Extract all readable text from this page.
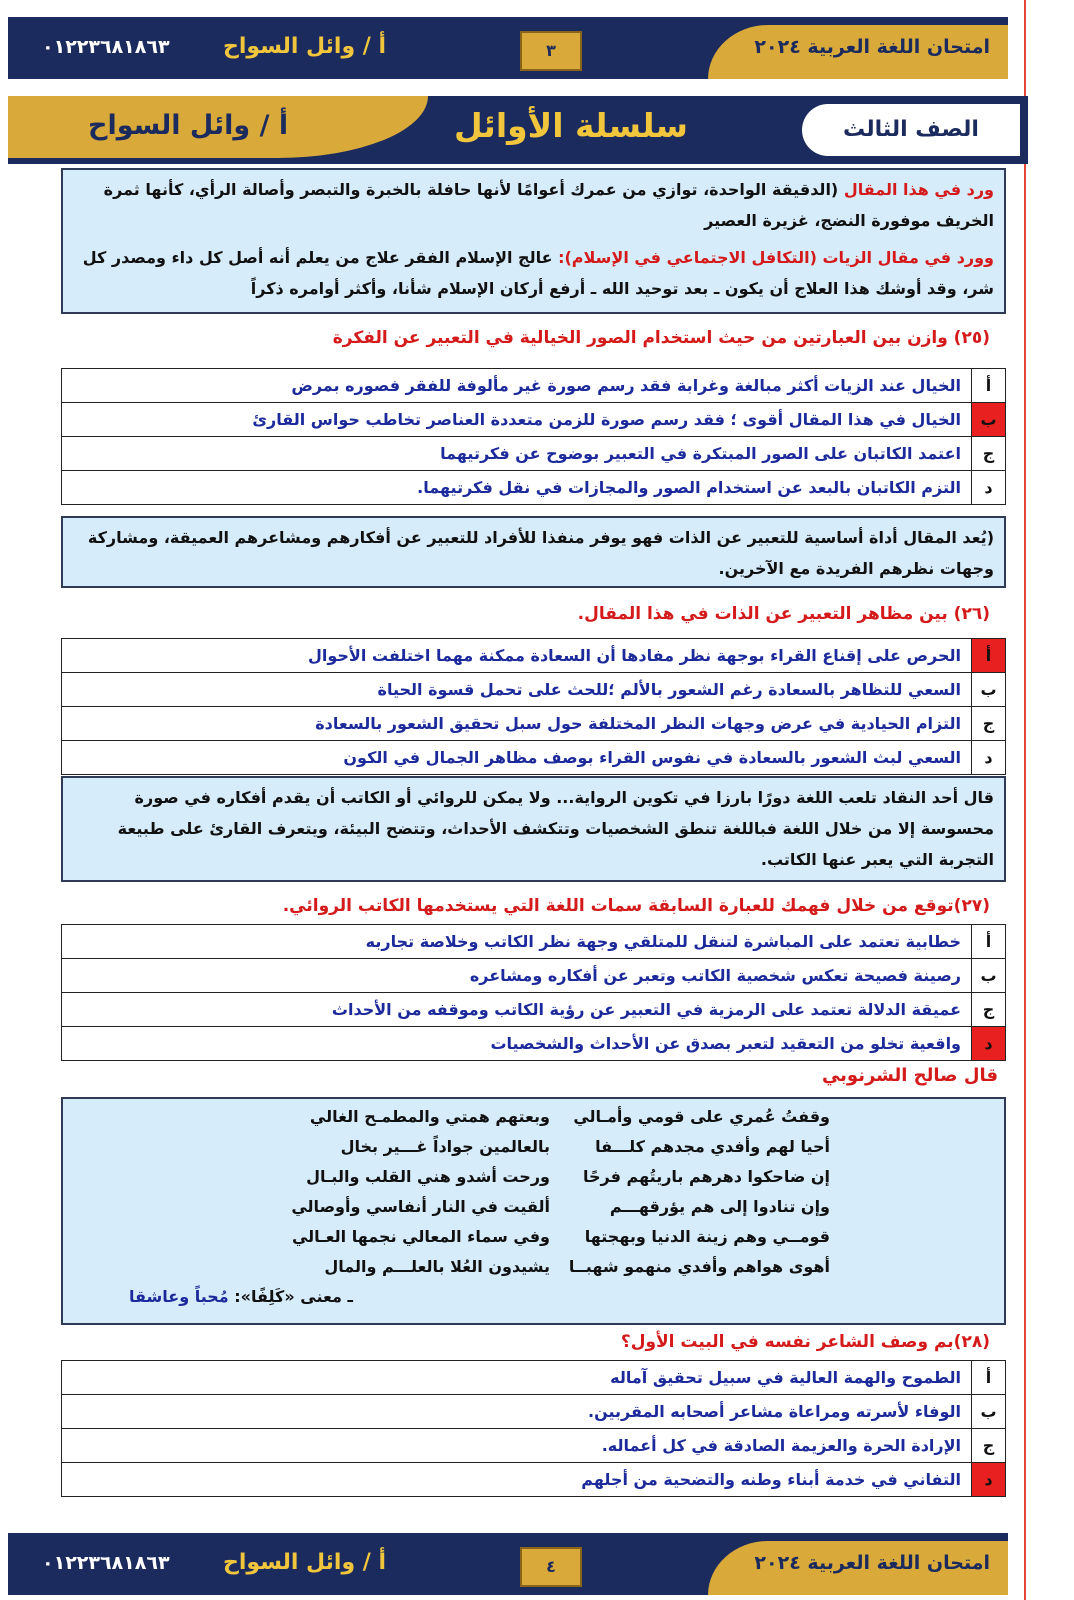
امتحان اللغة العربية ٢٠٢٤
٣
أ / وائل السواح
٠١٢٢٣٦٨١٨٦٣
الصف الثالث
سلسلة الأوائل
أ / وائل السواح

ورد في هذا المقال (الدقيقة الواحدة، توازي من عمرك أعوامًا لأنها حافلة بالخبرة والتبصر وأصالة الرأي، كأنها ثمرة الخريف موفورة النضج، غزيرة العصير

وورد في مقال الزيات (التكافل الاجتماعي في الإسلام): عالج الإسلام الفقر علاج من يعلم أنه أصل كل داء ومصدر كل شر، وقد أوشك هذا العلاج أن يكون ـ بعد توحيد الله ـ أرفع أركان الإسلام شأنا، وأكثر أوامره ذكراً

(٢٥) وازن بين العبارتين من حيث استخدام الصور الخيالية في التعبير عن الفكرة
أ	الخيال عند الزيات أكثر مبالغة وغرابة فقد رسم صورة غير مألوفة للفقر فصوره بمرض
ب	الخيال في هذا المقال أقوى ؛ فقد رسم صورة للزمن متعددة العناصر تخاطب حواس القارئ
ج	اعتمد الكاتبان على الصور المبتكرة في التعبير بوضوح عن فكرتيهما
د	التزم الكاتبان بالبعد عن استخدام الصور والمجازات في نقل فكرتيهما.

(يُعد المقال أداة أساسية للتعبير عن الذات فهو يوفر منفذا للأفراد للتعبير عن أفكارهم ومشاعرهم العميقة، ومشاركة وجهات نظرهم الفريدة مع الآخرين.

(٢٦) بين مظاهر التعبير عن الذات في هذا المقال.
أ	الحرص على إقناع القراء بوجهة نظر مفادها أن السعادة ممكنة مهما اختلفت الأحوال
ب	السعي للتظاهر بالسعادة رغم الشعور بالألم ؛للحث على تحمل قسوة الحياة
ج	التزام الحيادية في عرض وجهات النظر المختلفة حول سبل تحقيق الشعور بالسعادة
د	السعي لبث الشعور بالسعادة في نفوس القراء بوصف مظاهر الجمال في الكون

قال أحد النقاد تلعب اللغة دورًا بارزا في تكوين الرواية... ولا يمكن للروائي أو الكاتب أن يقدم أفكاره في صورة محسوسة إلا من خلال اللغة فباللغة تنطق الشخصيات وتتكشف الأحداث، وتتضح البيئة، ويتعرف القارئ على طبيعة التجربة التي يعبر عنها الكاتب.

(٢٧)توقع من خلال فهمك للعبارة السابقة سمات اللغة التي يستخدمها الكاتب الروائي.
أ	خطابية تعتمد على المباشرة لتنقل للمتلقي وجهة نظر الكاتب وخلاصة تجاربه
ب	رصينة فصيحة تعكس شخصية الكاتب وتعبر عن أفكاره ومشاعره
ج	عميقة الدلالة تعتمد على الرمزية في التعبير عن رؤية الكاتب وموقفه من الأحداث
د	واقعية تخلو من التعقيد لتعبر بصدق عن الأحداث والشخصيات
قال صالح الشرنوبي
وقفتُ عُمري على قومي وأمـالي
وبعتهم همتي والمطمـح الغالي
أحيا لهم وأفدي مجدهم كلـــفا
بالعالمين جواداً غـــير بخال
إن ضاحكوا دهرهم باريتُهم فرحًا
ورحت أشدو هني القلب والبـال
وإن تنادوا إلى هم يؤرقهـــم
ألقيت في النار أنفاسي وأوصالي
قومــي وهم زينة الدنيا وبهجتها
وفي سماء المعالي نجمها العـالي
أهوى هواهم وأفدي منهمو شهبــا
يشيدون العُلا بالعلـــم والمال
ـ معنى «كَلِفًا»: مُحباً وعاشقا
(٢٨)بم وصف الشاعر نفسه في البيت الأول؟
أ	الطموح والهمة العالية في سبيل تحقيق آماله
ب	الوفاء لأسرته ومراعاة مشاعر أصحابه المقربين.
ج	الإرادة الحرة والعزيمة الصادقة في كل أعماله.
د	التفاني في خدمة أبناء وطنه والتضحية من أجلهم
امتحان اللغة العربية ٢٠٢٤
٤
أ / وائل السواح
٠١٢٢٣٦٨١٨٦٣
